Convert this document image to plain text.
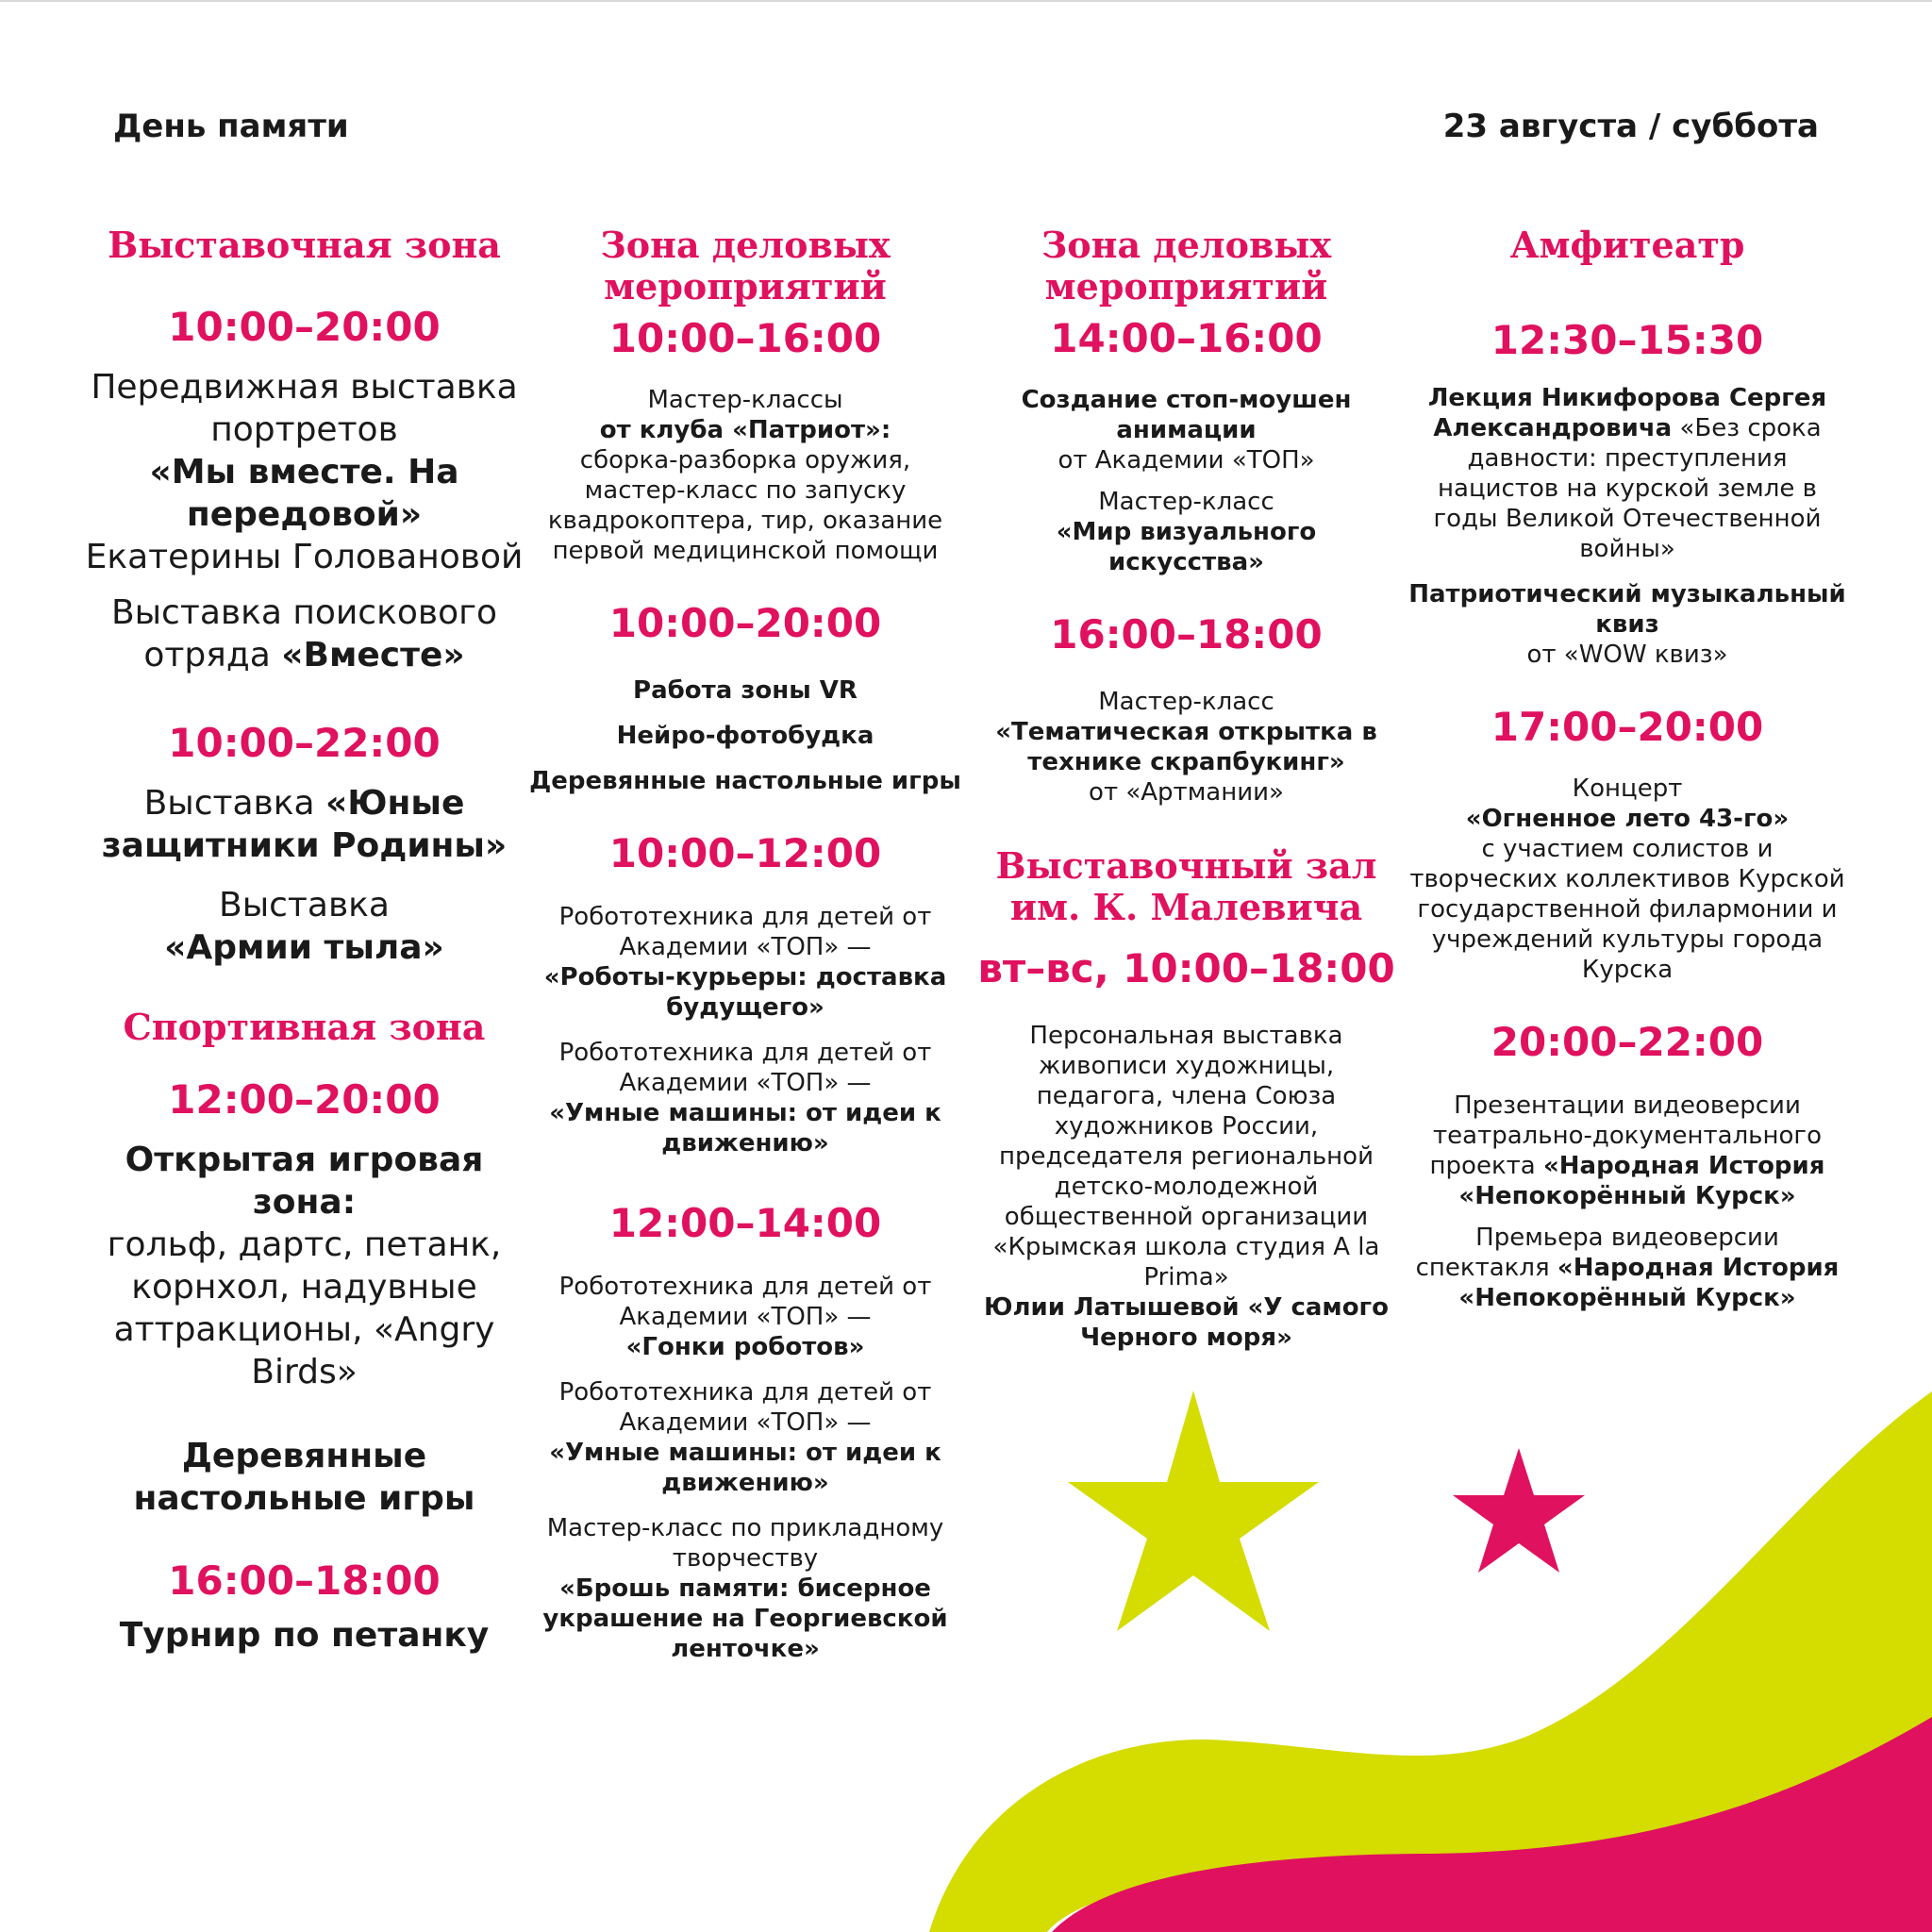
День памяти	23 августа / суббота
Выставочная зона
10:00–20:00
Передвижная выставка портретов
«Мы вместе. На передовой»
Екатерины Головановой
Выставка поискового отряда «Вместе»
10:00–22:00
Выставка «Юные защитники Родины»
Выставка
«Армии тыла»
Спортивная зона
12:00–20:00
Открытая игровая зона:
гольф, дартс, петанк, корнхол, надувные аттракционы, «Angry Birds»
Деревянные настольные игры
16:00–18:00
Турнир по петанку
Зона деловых мероприятий
10:00–16:00
Мастер-классы
от клуба «Патриот»:
сборка-разборка оружия, мастер-класс по запуску квадрокоптера, тир, оказание первой медицинской помощи
10:00–20:00
Работа зоны VR
Нейро-фотобудка
Деревянные настольные игры
10:00–12:00
Робототехника для детей от Академии «ТОП» —
«Роботы-курьеры: доставка будущего»
Робототехника для детей от Академии «ТОП» —
«Умные машины: от идеи к движению»
12:00–14:00
Робототехника для детей от Академии «ТОП» —
«Гонки роботов»
Робототехника для детей от Академии «ТОП» —
«Умные машины: от идеи к движению»
Мастер-класс по прикладному творчеству
«Брошь памяти: бисерное украшение на Георгиевской ленточке»
Зона деловых мероприятий
14:00–16:00
Создание стоп-моушен анимации
от Академии «ТОП»
Мастер-класс
«Мир визуального искусства»
16:00–18:00
Мастер-класс
«Тематическая открытка в технике скрапбукинг»
от «Артмании»
Выставочный зал им. К. Малевича
вт–вс, 10:00–18:00
Персональная выставка живописи художницы, педагога, члена Союза художников России, председателя региональной детско-молодежной общественной организации «Крымская школа студия A la Prima»
Юлии Латышевой «У самого Черного моря»
Амфитеатр
12:30–15:30
Лекция Никифорова Сергея Александровича «Без срока давности: преступления нацистов на курской земле в годы Великой Отечественной войны»
Патриотический музыкальный квиз
от «WOW квиз»
17:00–20:00
Концерт
«Огненное лето 43-го»
с участием солистов и творческих коллективов Курской государственной филармонии и учреждений культуры города Курска
20:00–22:00
Презентации видеоверсии театрально-документального проекта «Народная История «Непокорённый Курск»
Премьера видеоверсии спектакля «Народная История «Непокорённый Курск»
